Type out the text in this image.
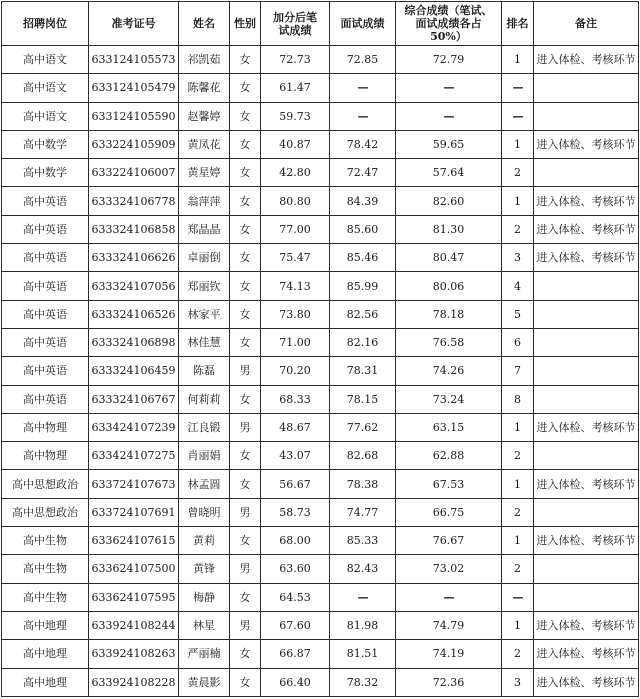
招聘岗位	准考证号	姓名	性别	加分后笔试成绩	面试成绩	综合成绩（笔试、面试成绩各占50%）	排名	备注
高中语文	633124105573	祁凯茹	女	72.73	72.85	72.79	1	进入体检、考核环节
高中语文	633124105479	陈馨花	女	61.47	—	—	—	
高中语文	633124105590	赵馨婷	女	59.73	—	—	—	
高中数学	633224105909	黄凤花	女	40.87	78.42	59.65	1	进入体检、考核环节
高中数学	633224106007	黄星婷	女	42.80	72.47	57.64	2	
高中英语	633324106778	翁萍萍	女	80.80	84.39	82.60	1	进入体检、考核环节
高中英语	633324106858	郑晶晶	女	77.00	85.60	81.30	2	进入体检、考核环节
高中英语	633324106626	卓丽倒	女	75.47	85.46	80.47	3	进入体检、考核环节
高中英语	633324107056	郑丽钦	女	74.13	85.99	80.06	4	
高中英语	633324106526	林家平	女	73.80	82.56	78.18	5	
高中英语	633324106898	林佳慧	女	71.00	82.16	76.58	6	
高中英语	633324106459	陈磊	男	70.20	78.31	74.26	7	
高中英语	633324106767	何莉莉	女	68.33	78.15	73.24	8	
高中物理	633424107239	江良锻	男	48.67	77.62	63.15	1	进入体检、考核环节
高中物理	633424107275	肖丽娟	女	43.07	82.68	62.88	2	
高中思想政治	633724107673	林孟圆	女	56.67	78.38	67.53	1	进入体检、考核环节
高中思想政治	633724107691	曾晓明	男	58.73	74.77	66.75	2	
高中生物	633624107615	黄莉	女	68.00	85.33	76.67	1	进入体检、考核环节
高中生物	633624107500	黄锋	男	63.60	82.43	73.02	2	
高中生物	633624107595	梅静	女	64.53	—	—	—	
高中地理	633924108244	林星	男	67.60	81.98	74.79	1	进入体检、考核环节
高中地理	633924108263	严丽楠	女	66.87	81.51	74.19	2	进入体检、考核环节
高中地理	633924108228	黄晨影	女	66.40	78.32	72.36	3	进入体检、考核环节
